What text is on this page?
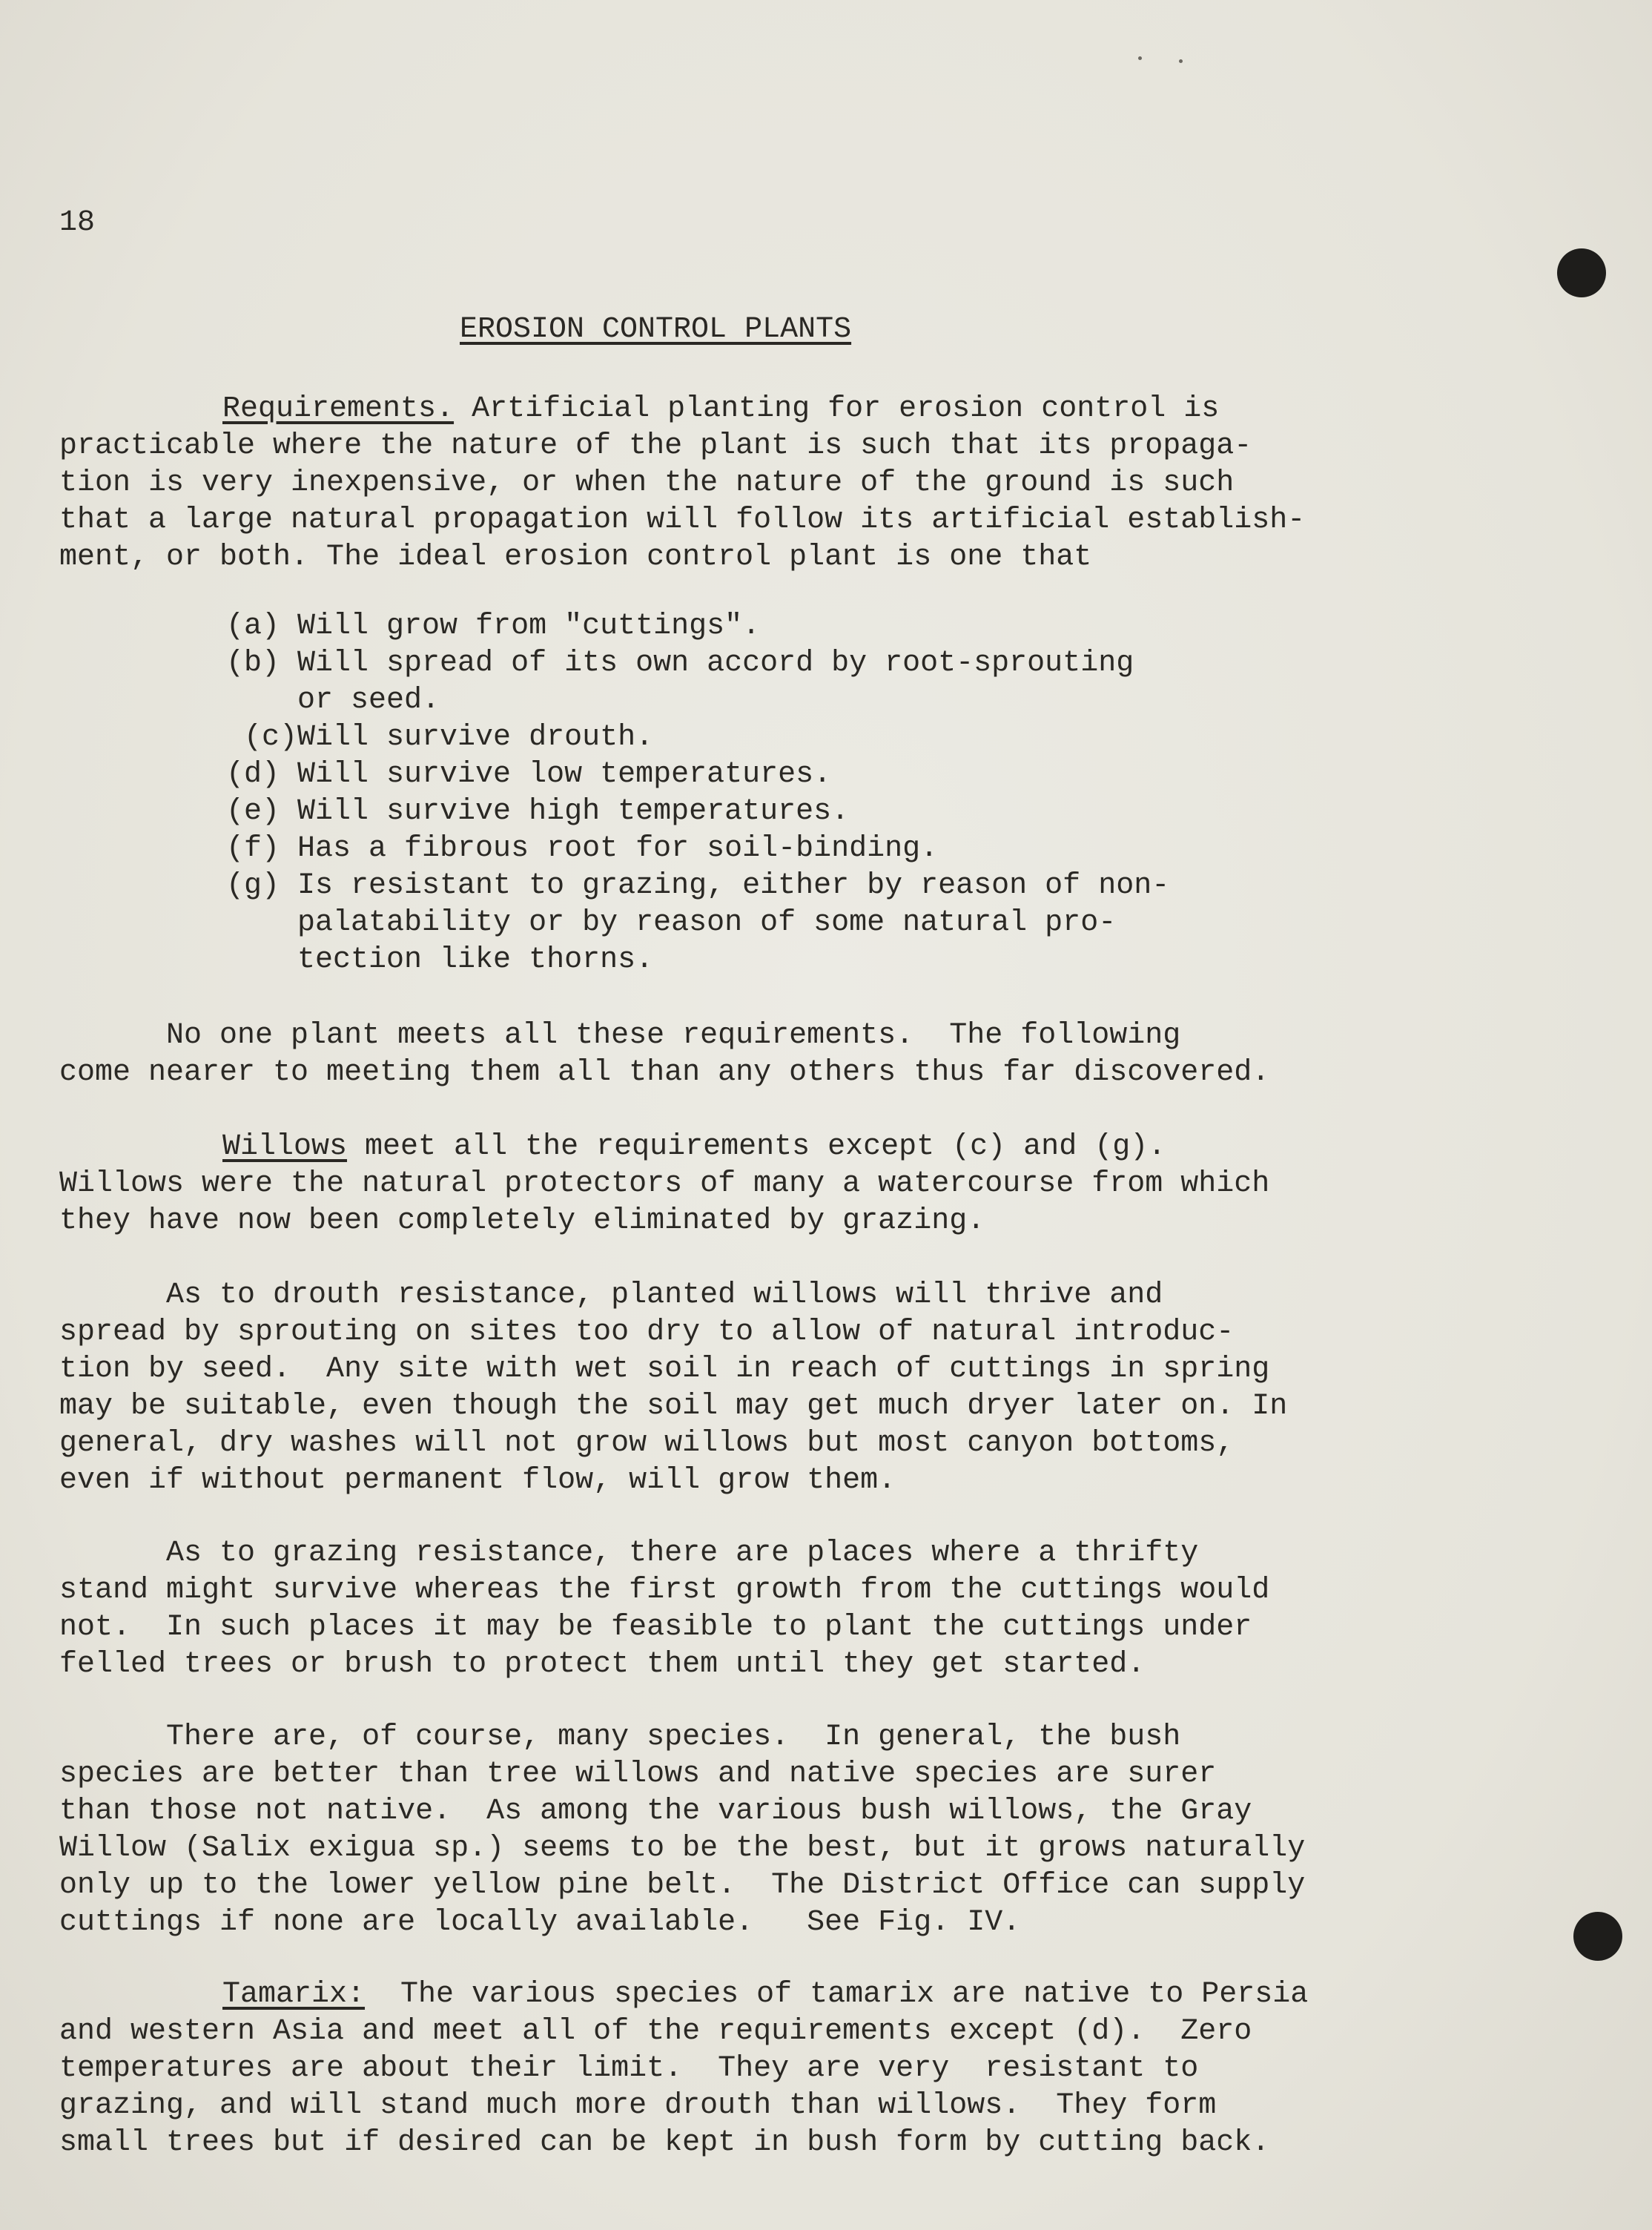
18
EROSION CONTROL PLANTS

Requirements. Artificial planting for erosion control is
practicable where the nature of the plant is such that its propaga-
tion is very inexpensive, or when the nature of the ground is such
that a large natural propagation will follow its artificial establish-
ment, or both. The ideal erosion control plant is one that

(a) Will grow from "cuttings".
(b) Will spread of its own accord by root-sprouting
or seed.
(c)Will survive drouth.
(d) Will survive low temperatures.
(e) Will survive high temperatures.
(f) Has a fibrous root for soil-binding.
(g) Is resistant to grazing, either by reason of non-
palatability or by reason of some natural pro-
tection like thorns.

No one plant meets all these requirements.  The following
come nearer to meeting them all than any others thus far discovered.

Willows meet all the requirements except (c) and (g).
Willows were the natural protectors of many a watercourse from which
they have now been completely eliminated by grazing.

As to drouth resistance, planted willows will thrive and
spread by sprouting on sites too dry to allow of natural introduc-
tion by seed.  Any site with wet soil in reach of cuttings in spring
may be suitable, even though the soil may get much dryer later on. In
general, dry washes will not grow willows but most canyon bottoms,
even if without permanent flow, will grow them.

As to grazing resistance, there are places where a thrifty
stand might survive whereas the first growth from the cuttings would
not.  In such places it may be feasible to plant the cuttings under
felled trees or brush to protect them until they get started.

There are, of course, many species.  In general, the bush
species are better than tree willows and native species are surer
than those not native.  As among the various bush willows, the Gray
Willow (Salix exigua sp.) seems to be the best, but it grows naturally
only up to the lower yellow pine belt.  The District Office can supply
cuttings if none are locally available.   See Fig. IV.

Tamarix:  The various species of tamarix are native to Persia
and western Asia and meet all of the requirements except (d).  Zero
temperatures are about their limit.  They are very  resistant to
grazing, and will stand much more drouth than willows.  They form
small trees but if desired can be kept in bush form by cutting back.
